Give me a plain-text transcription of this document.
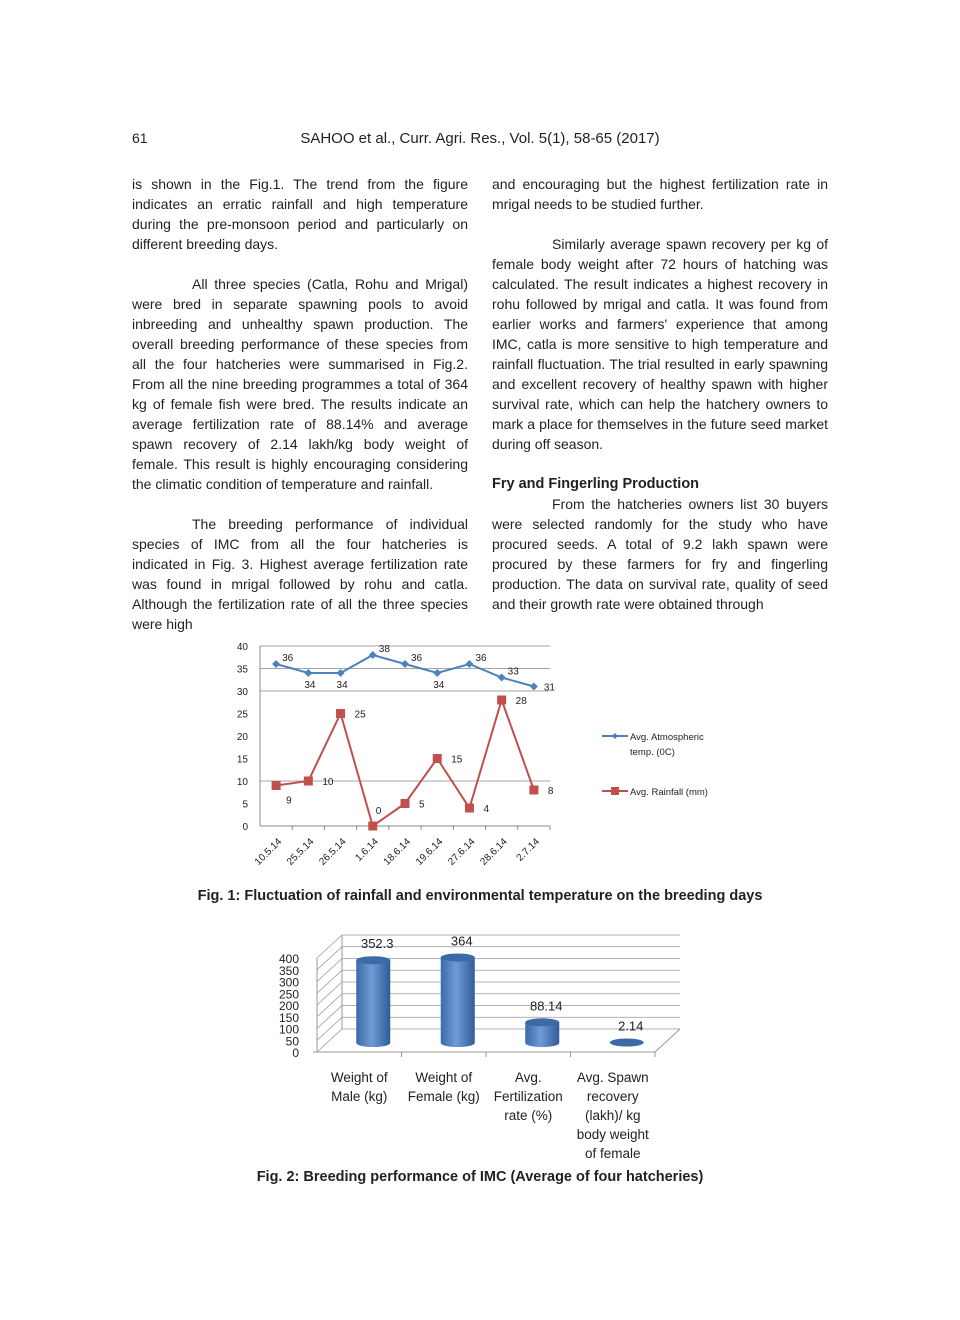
61	SAHOO et al., Curr. Agri. Res., Vol. 5(1), 58-65 (2017)

is shown in the Fig.1. The trend from the figure indicates an erratic rainfall and high temperature during the pre-monsoon period and particularly on different breeding days.

All three species (Catla, Rohu and Mrigal) were bred in separate spawning pools to avoid inbreeding and unhealthy spawn production. The overall breeding performance of these species from all the four hatcheries were summarised in Fig.2. From all the nine breeding programmes a total of 364 kg of female fish were bred. The results indicate an average fertilization rate of 88.14% and average spawn recovery of 2.14 lakh/kg body weight of female. This result is highly encouraging considering the climatic condition of temperature and rainfall.

The breeding performance of individual species of IMC from all the four hatcheries is indicated in Fig. 3. Highest average fertilization rate was found in mrigal followed by rohu and catla. Although the fertilization rate of all the three species were high

and encouraging but the highest fertilization rate in mrigal needs to be studied further.

Similarly average spawn recovery per kg of female body weight after 72 hours of hatching was calculated. The result indicates a highest recovery in rohu followed by mrigal and catla. It was found from earlier works and farmers' experience that among IMC, catla is more sensitive to high temperature and rainfall fluctuation. The trial resulted in early spawning and excellent recovery of healthy spawn with higher survival rate, which can help the hatchery owners to mark a place for themselves in the future seed market during off season.

Fry and Fingerling Production

From the hatcheries owners list 30 buyers were selected randomly for the study who have procured seeds. A total of 9.2 lakh spawn were procured by these farmers for fry and fingerling production. The data on survival rate, quality of seed and their growth rate were obtained through

0
5
10
15
20
25
30
35
40
10.5.14 25.5.14 26.5.14 1.6.14 18.6.14 19.6.14 27.6.14 28.6.14 2.7.14
36
34 34
38
36
34
36
33
31
Avg. Atmospheric
temp. (0C)
9
10
25
0
5
15
4
28
8	Avg. Rainfall (mm)
0
50
100
150
200
250
300
350
400
352.3
Weight of
Male (kg)
364
Weight of
Female (kg)
88.14
Avg.
Fertilization
rate (%)
2.14
Avg. Spawn
recovery
(lakh)/ kg
body weight
of female
Fig. 1: Fluctuation of rainfall and environmental temperature on the breeding days
Fig. 2: Breeding performance of IMC (Average of four hatcheries)
